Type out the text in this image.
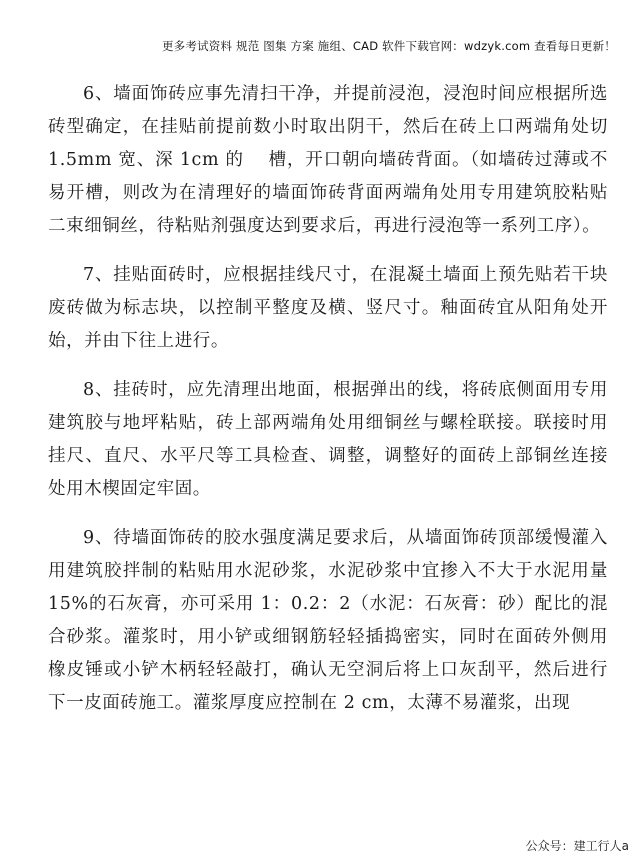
更多考试资料 规范 图集 方案 施组、CAD 软件下载官网：wdzyk.com 查看每日更新！

6、墙面饰砖应事先清扫干净，并提前浸泡，浸泡时间应根据所选砖型确定，在挂贴前提前数小时取出阴干，然后在砖上口两端角处切 1.5mm 宽、深 1cm 的 　槽，开口朝向墙砖背面。（如墙砖过薄或不易开槽，则改为在清理好的墙面饰砖背面两端角处用专用建筑胶粘贴二束细铜丝，待粘贴剂强度达到要求后，再进行浸泡等一系列工序）。

7、挂贴面砖时，应根据挂线尺寸，在混凝土墙面上预先贴若干块废砖做为标志块，以控制平整度及横、竖尺寸。釉面砖宜从阳角处开始，并由下往上进行。

8、挂砖时，应先清理出地面，根据弹出的线，将砖底侧面用专用建筑胶与地坪粘贴，砖上部两端角处用细铜丝与螺栓联接。联接时用挂尺、直尺、水平尺等工具检查、调整，调整好的面砖上部铜丝连接处用木楔固定牢固。

9、待墙面饰砖的胶水强度满足要求后，从墙面饰砖顶部缓慢灌入用建筑胶拌制的粘贴用水泥砂浆，水泥砂浆中宜掺入不大于水泥用量 15%的石灰膏，亦可采用 1：0.2：2（水泥：石灰膏：砂）配比的混合砂浆。灌浆时，用小铲或细钢筋轻轻插捣密实，同时在面砖外侧用橡皮锤或小铲木柄轻轻敲打，确认无空洞后将上口灰刮平，然后进行下一皮面砖施工。灌浆厚度应控制在 2 cm，太薄不易灌浆，出现

公众号：建工行人a
